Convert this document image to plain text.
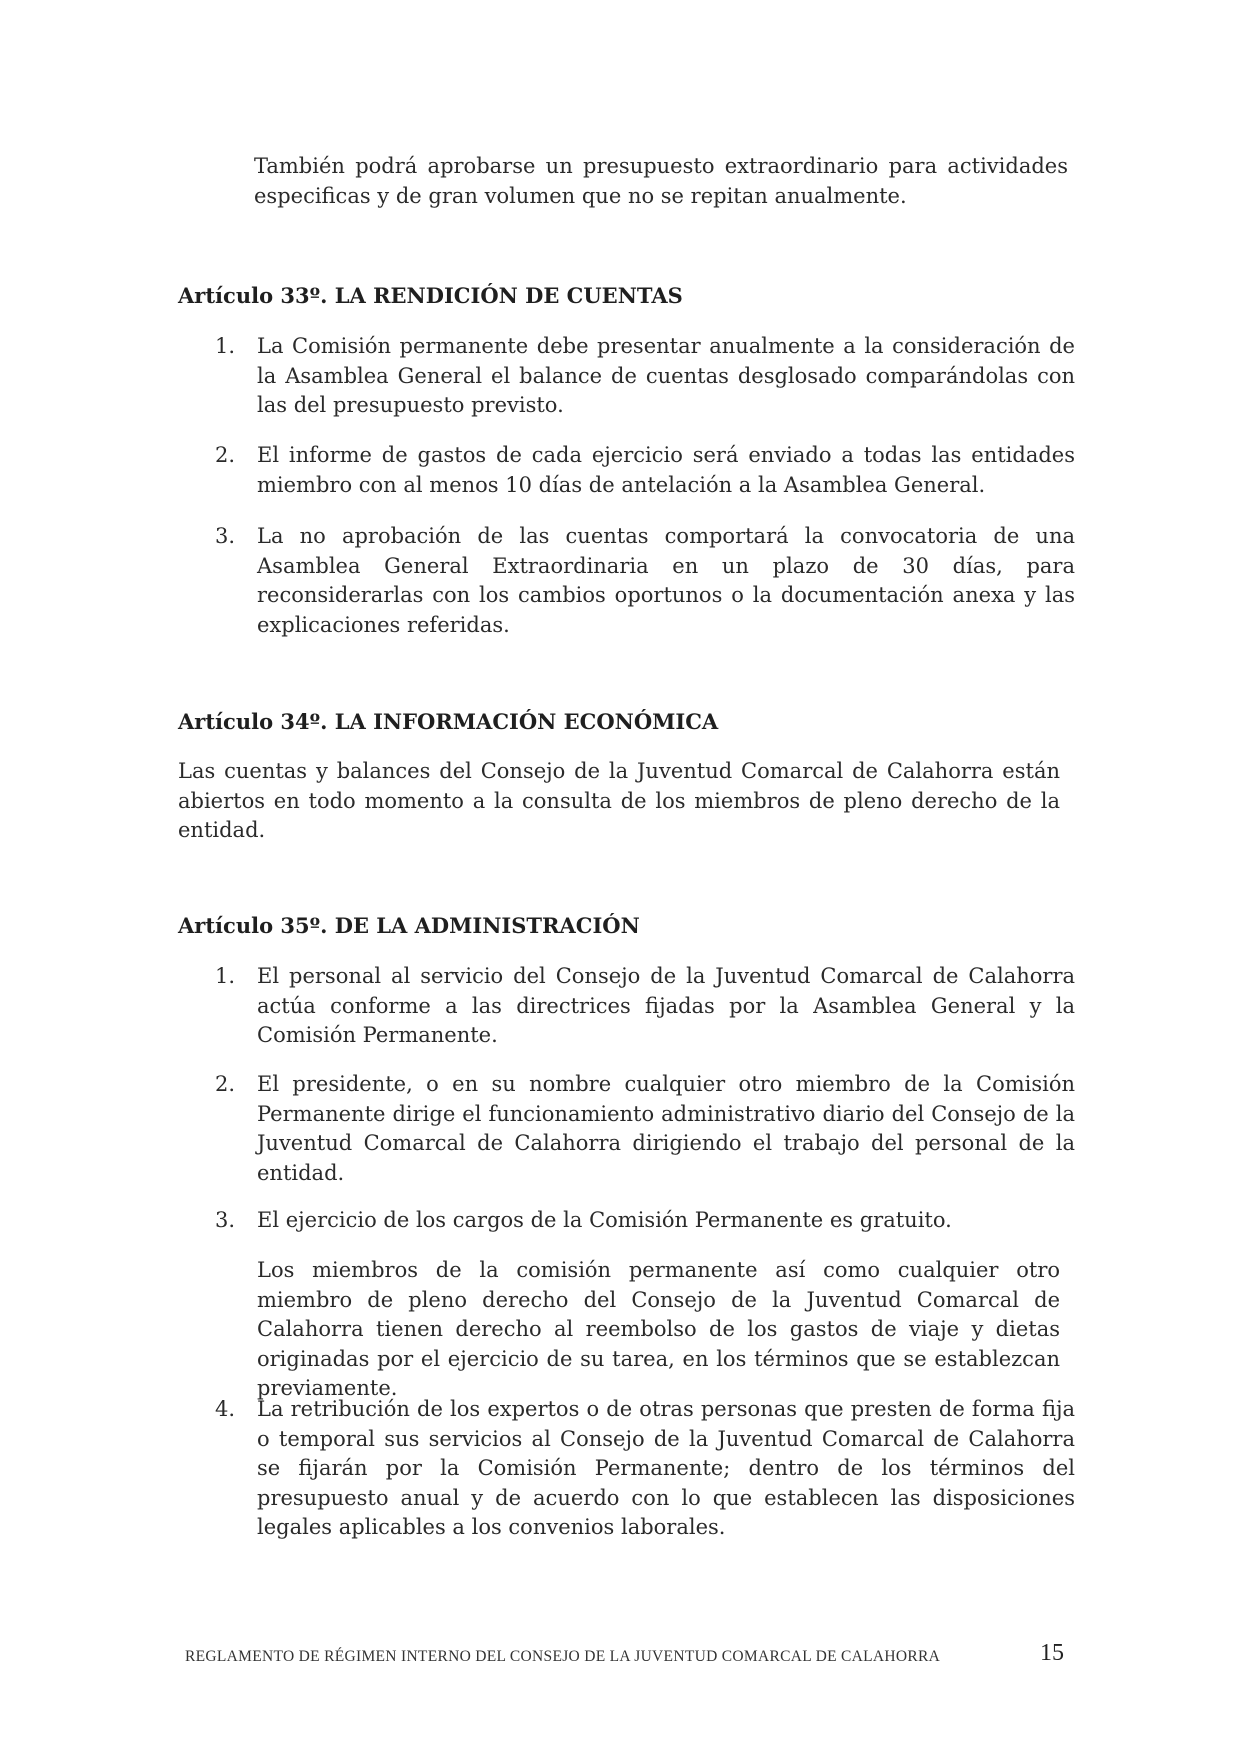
También podrá aprobarse un presupuesto extraordinario para actividades especificas y de gran volumen que no se repitan anualmente.

Artículo 33º. LA RENDICIÓN DE CUENTAS
1. La Comisión permanente debe presentar anualmente a la consideración de la Asamblea General el balance de cuentas desglosado comparándolas con las del presupuesto previsto.
2. El informe de gastos de cada ejercicio será enviado a todas las entidades miembro con al menos 10 días de antelación a la Asamblea General.
3. La no aprobación de las cuentas comportará la convocatoria de una Asamblea General Extraordinaria en un plazo de 30 días, para reconsiderarlas con los cambios oportunos o la documentación anexa y las explicaciones referidas.
Artículo 34º. LA INFORMACIÓN ECONÓMICA

Las cuentas y balances del Consejo de la Juventud Comarcal de Calahorra están abiertos en todo momento a la consulta de los miembros de pleno derecho de la entidad.

Artículo 35º. DE LA ADMINISTRACIÓN
1. El personal al servicio del Consejo de la Juventud Comarcal de Calahorra actúa conforme a las directrices fijadas por la Asamblea General y la Comisión Permanente.
2. El presidente, o en su nombre cualquier otro miembro de la Comisión Permanente dirige el funcionamiento administrativo diario del Consejo de la Juventud Comarcal de Calahorra dirigiendo el trabajo del personal de la entidad.
3. El ejercicio de los cargos de la Comisión Permanente es gratuito.

Los miembros de la comisión permanente así como cualquier otro miembro de pleno derecho del Consejo de la Juventud Comarcal de Calahorra tienen derecho al reembolso de los gastos de viaje y dietas originadas por el ejercicio de su tarea, en los términos que se establezcan previamente.

4. La retribución de los expertos o de otras personas que presten de forma fija o temporal sus servicios al Consejo de la Juventud Comarcal de Calahorra se fijarán por la Comisión Permanente; dentro de los términos del presupuesto anual y de acuerdo con lo que establecen las disposiciones legales aplicables a los convenios laborales.
REGLAMENTO DE RÉGIMEN INTERNO DEL CONSEJO DE LA JUVENTUD COMARCAL DE CALAHORRA	15
